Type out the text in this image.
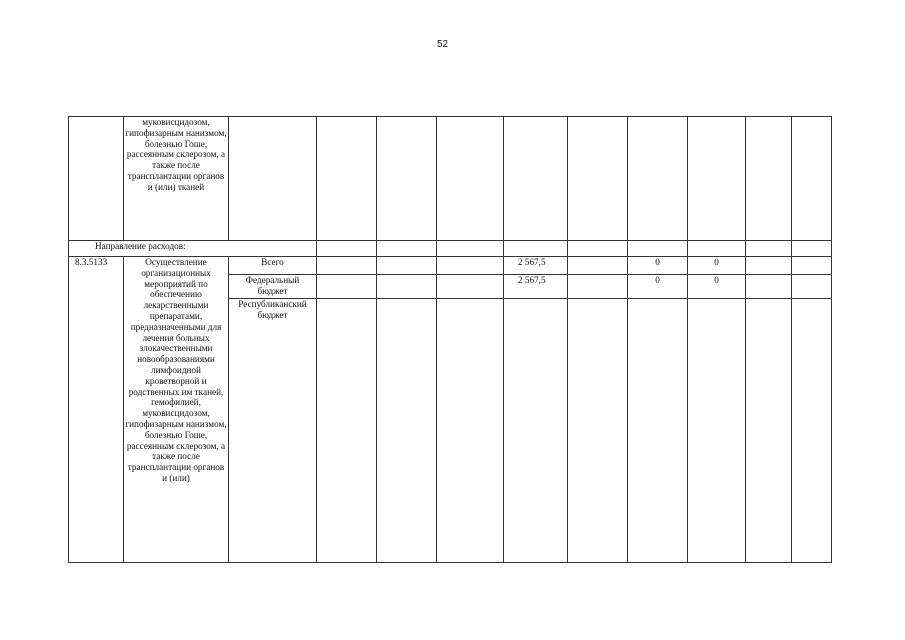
52
	муковисцидозом, гипофизарным нанизмом, болезнью Гоше, рассеянным склерозом, а также после трансплантации органов и (или) тканей										
Направление расходов:											
8.3.5133	Осуществление организационных мероприятий по обеспечению лекарственными препаратами, предназначенными для лечения больных злокачественными новообразованиями лимфоидной кроветворной и родственных им тканей, гемофилией, муковисцидозом, гипофизарным нанизмом, болезнью Гоше, рассеянным склерозом, а также после трансплантации органов и (или)	Всего				2 567,5		0	0		
		Федеральный бюджет				2 567,5		0	0		
		Республиканский бюджет									
